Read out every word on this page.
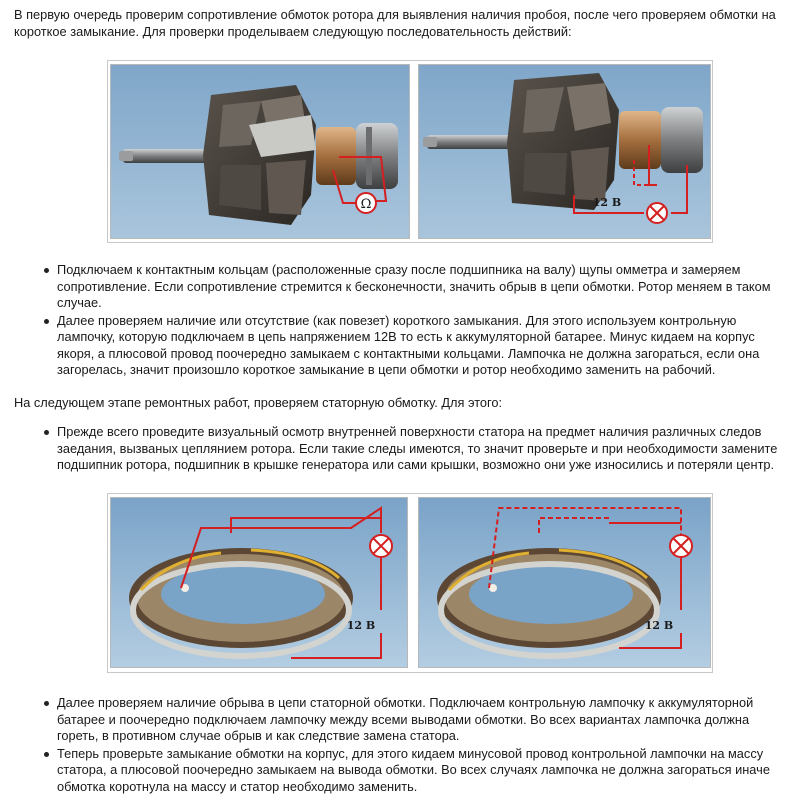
В первую очередь проверим сопротивление обмоток ротора для выявления наличия пробоя, после чего проверяем обмотки на короткое замыкание. Для проверки проделываем следующую последовательность действий:

Ω	12 В
Подключаем к контактным кольцам (расположенные сразу после подшипника на валу) щупы омметра и замеряем сопротивление. Если сопротивление стремится к бесконечности, значить обрыв в цепи обмотки. Ротор меняем в таком случае.
Далее проверяем наличие или отсутствие (как повезет) короткого замыкания. Для этого используем контрольную лампочку, которую подключаем в цепь напряжением 12В то есть к аккумуляторной батарее. Минус кидаем на корпус якоря, а плюсовой провод поочередно замыкаем с контактными кольцами. Лампочка не должна загораться, если она загорелась, значит произошло короткое замыкание в цепи обмотки и ротор необходимо заменить на рабочий.

На следующем этапе ремонтных работ, проверяем статорную обмотку. Для этого:

Прежде всего проведите визуальный осмотр внутренней поверхности статора на предмет наличия различных следов заедания, вызваных цеплянием ротора. Если такие следы имеются, то значит проверьте и при необходимости замените подшипник ротора, подшипник в крышке генератора или сами крышки, возможно они уже износились и потеряли центр.
12 В	12 В
Далее проверяем наличие обрыва в цепи статорной обмотки. Подключаем контрольную лампочку к аккумуляторной батарее и поочередно подключаем лампочку между всеми выводами обмотки. Во всех вариантах лампочка должна гореть, в противном случае обрыв и как следствие замена статора.
Теперь проверьте замыкание обмотки на корпус, для этого кидаем минусовой провод контрольной лампочки на массу статора, а плюсовой поочередно замыкаем на вывода обмотки. Во всех случаях лампочка не должна загораться иначе обмотка коротнула на массу и статор необходимо заменить.
